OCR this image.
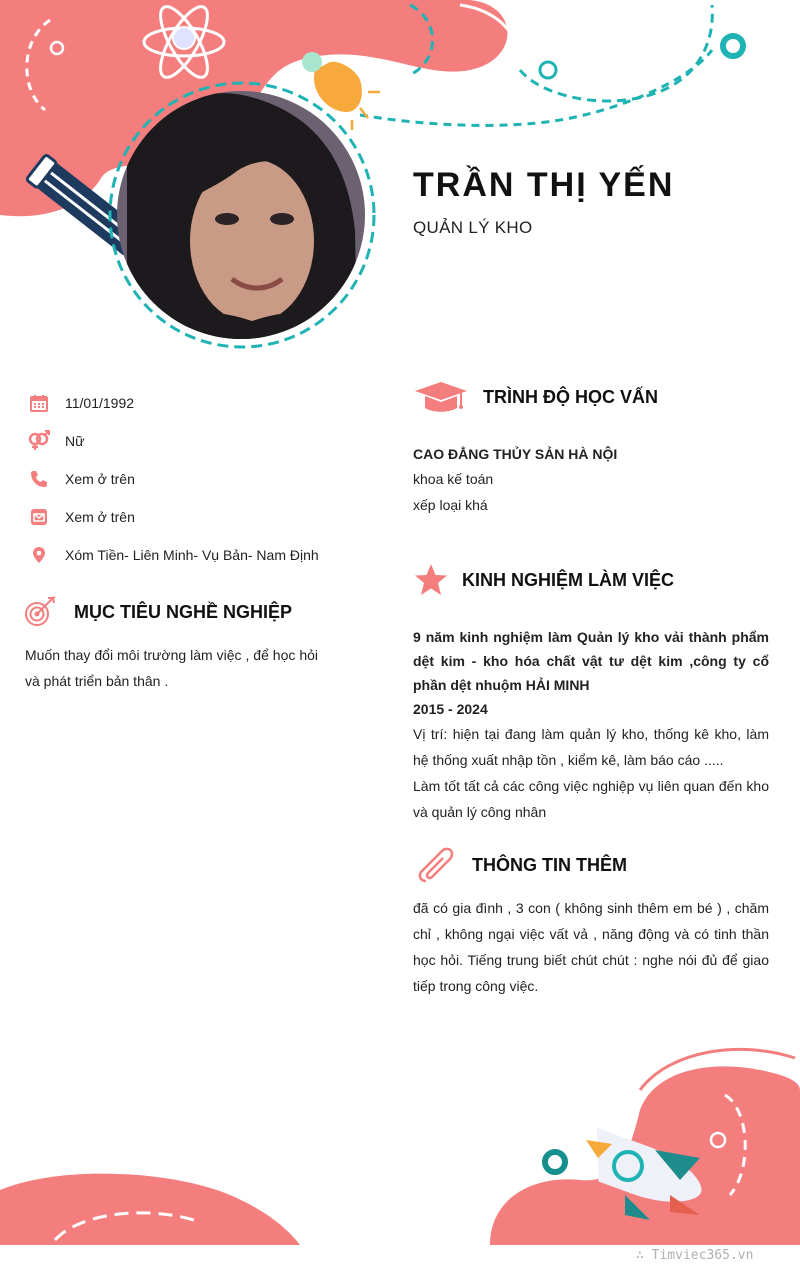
TRẦN THỊ YẾN
QUẢN LÝ KHO
11/01/1992
Nữ
Xem ở trên
Xem ở trên
Xóm Tiền- Liên Minh- Vụ Bản- Nam Định
MỤC TIÊU NGHỀ NGHIỆP
Muốn thay đổi môi trường làm việc , để học hỏi và phát triển bản thân .
TRÌNH ĐỘ HỌC VẤN
CAO ĐẲNG THỦY SẢN HÀ NỘI
khoa kế toán
xếp loại khá
KINH NGHIỆM LÀM VIỆC
9 năm kinh nghiệm làm Quản lý kho vải thành phẩm dệt kim - kho hóa chất vật tư dệt kim ,công ty cổ phần dệt nhuộm HẢI MINH
2015 - 2024
Vị trí: hiện tại đang làm quản lý kho, thống kê kho, làm hệ thống xuất nhập tồn , kiểm kê, làm báo cáo .....
Làm tốt tất cả các công việc nghiệp vụ liên quan đến kho và quản lý công nhân
THÔNG TIN THÊM
đã có gia đình , 3 con ( không sinh thêm em bé ) , chăm chỉ , không ngại việc vất vả , năng động và có tinh thần học hỏi. Tiếng trung biết chút chút : nghe nói đủ để giao tiếp trong công việc.
∴ Timviec365.vn
